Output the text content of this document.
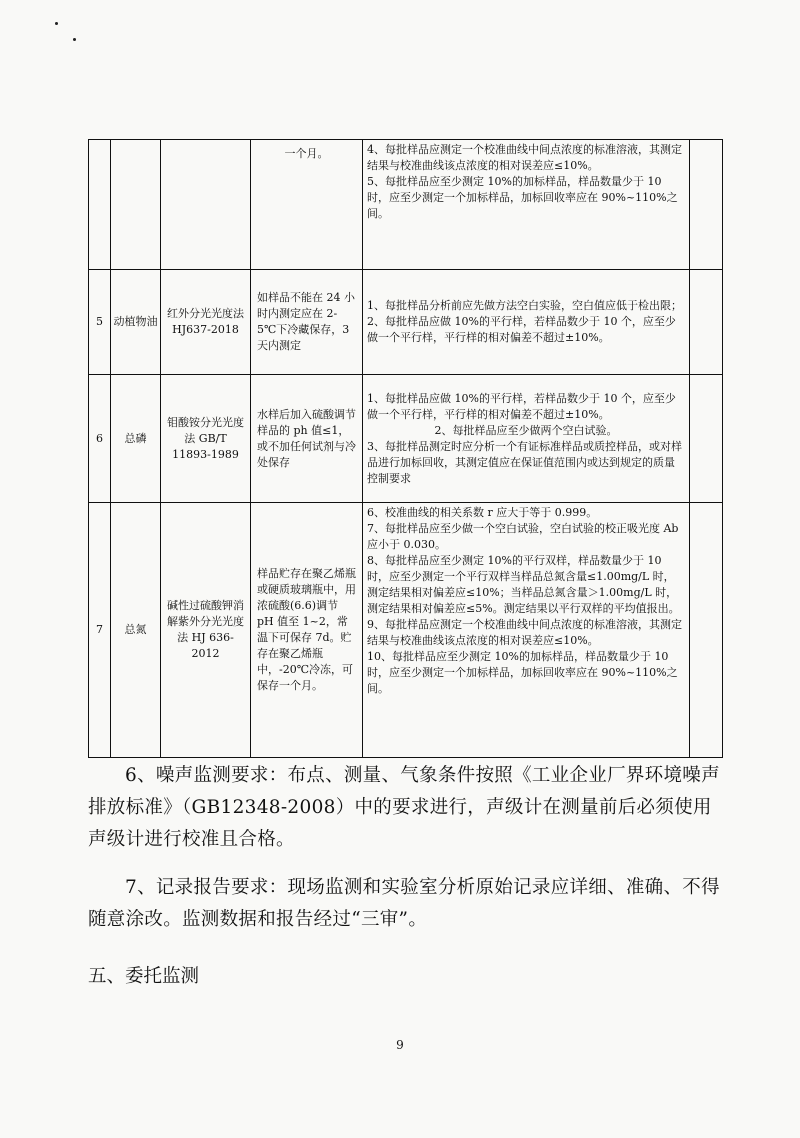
			一个月。	4、每批样品应测定一个校准曲线中间点浓度的标准溶液，其测定结果与校准曲线该点浓度的相对误差应≤10%。
5、每批样品应至少测定 10%的加标样品，样品数量少于 10 时，应至少测定一个加标样品，加标回收率应在 90%~110%之间。	

5	动植物油	红外分光光度法 HJ637-2018	如样品不能在 24 小时内测定应在 2-5℃下冷藏保存，3 天内测定	1、每批样品分析前应先做方法空白实验，空白值应低于检出限；
2、每批样品应做 10%的平行样，若样品数少于 10 个，应至少做一个平行样，平行样的相对偏差不超过±10%。	

6	总磷	钼酸铵分光光度法 GB/T 11893-1989	水样后加入硫酸调节样品的 ph 值≤1，或不加任何试剂与冷处保存	1、每批样品应做 10%的平行样，若样品数少于 10 个，应至少做一个平行样，平行样的相对偏差不超过±10%。
2、每批样品应至少做两个空白试验。
3、每批样品测定时应分析一个有证标准样品或质控样品，或对样品进行加标回收，其测定值应在保证值范围内或达到规定的质量控制要求	

7	总氮	碱性过硫酸钾消解紫外分光光度法 HJ 636-2012	样品贮存在聚乙烯瓶或硬质玻璃瓶中，用浓硫酸(6.6)调节 pH 值至 1~2，常温下可保存 7d。贮存在聚乙烯瓶中，-20℃冷冻，可保存一个月。	6、校准曲线的相关系数 r 应大于等于 0.999。
7、每批样品应至少做一个空白试验，空白试验的校正吸光度 Ab 应小于 0.030。
8、每批样品应至少测定 10%的平行双样，样品数量少于 10 时，应至少测定一个平行双样当样品总氮含量≤1.00mg/L 时，测定结果相对偏差应≤10%；当样品总氮含量＞1.00mg/L 时，测定结果相对偏差应≤5%。测定结果以平行双样的平均值报出。
9、每批样品应测定一个校准曲线中间点浓度的标准溶液，其测定结果与校准曲线该点浓度的相对误差应≤10%。
10、每批样品应至少测定 10%的加标样品，样品数量少于 10 时，应至少测定一个加标样品，加标回收率应在 90%~110%之间。	

6、噪声监测要求：布点、测量、气象条件按照《工业企业厂界环境噪声排放标准》（GB12348-2008）中的要求进行，声级计在测量前后必须使用声级计进行校准且合格。
7、记录报告要求：现场监测和实验室分析原始记录应详细、准确、不得随意涂改。监测数据和报告经过“三审”。
五、委托监测
9
